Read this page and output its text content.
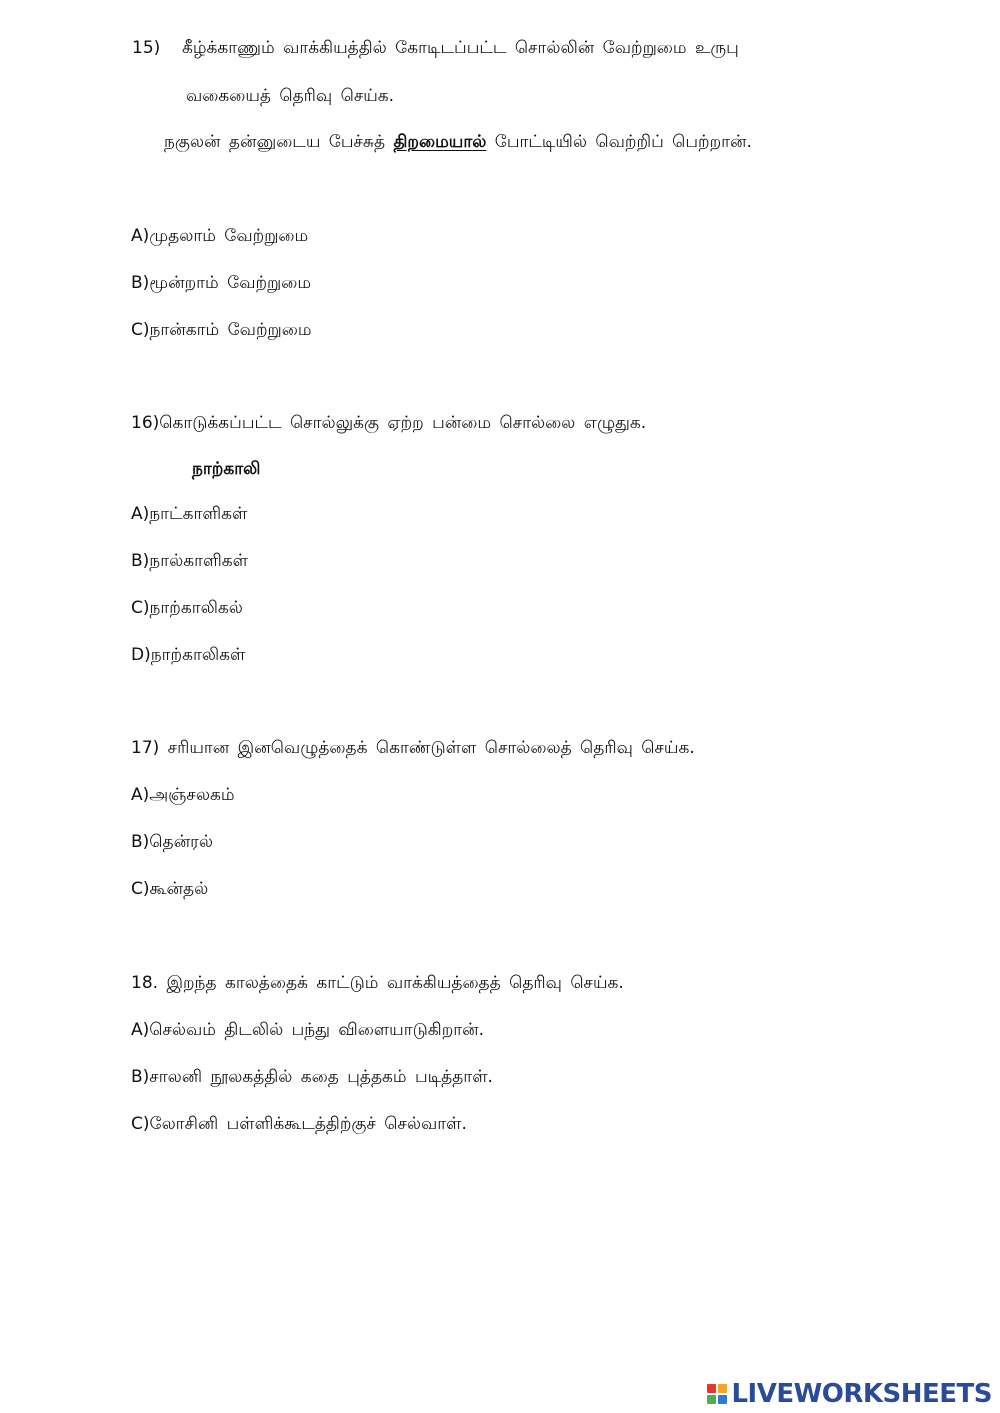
15) கீழ்க்காணும் வாக்கியத்தில் கோடிடப்பட்ட சொல்லின் வேற்றுமை உருபு
வகையைத் தெரிவு செய்க.
நகுலன் தன்னுடைய பேச்சுத் திறமையால் போட்டியில் வெற்றிப் பெற்றான்.
A)முதலாம் வேற்றுமை
B)மூன்றாம் வேற்றுமை
C)நான்காம் வேற்றுமை
16)கொடுக்கப்பட்ட சொல்லுக்கு ஏற்ற பன்மை சொல்லை எழுதுக.
நாற்காலி
A)நாட்காளிகள்
B)நால்காளிகள்
C)நாற்காலிகல்
D)நாற்காலிகள்
17) சரியான இனவெழுத்தைக் கொண்டுள்ள சொல்லைத் தெரிவு செய்க.
A)அஞ்சலகம்
B)தென்ரல்
C)கூன்தல்
18. இறந்த காலத்தைக் காட்டும் வாக்கியத்தைத் தெரிவு செய்க.
A)செல்வம் திடலில் பந்து விளையாடுகிறான்.
B)சாலனி நூலகத்தில் கதை புத்தகம் படித்தாள்.
C)லோசினி பள்ளிக்கூடத்திற்குச் செல்வாள்.
LIVEWORKSHEETS
